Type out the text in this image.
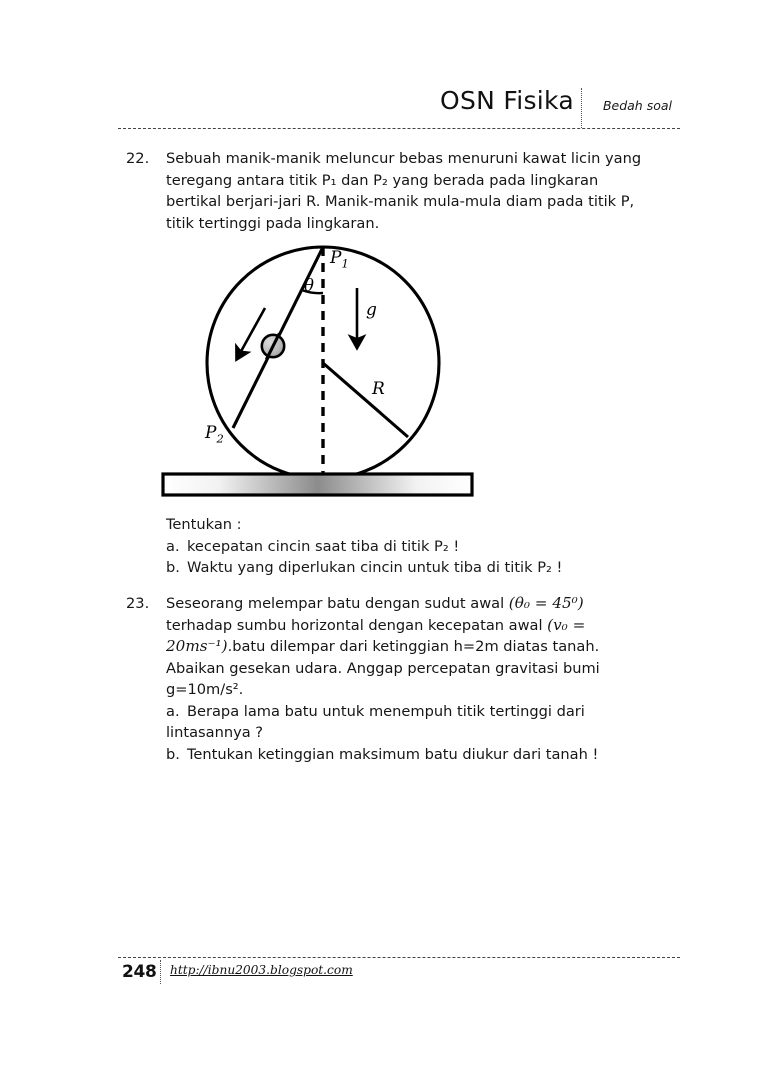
OSN Fisika Bedah soal
22.	Sebuah manik-manik meluncur bebas menuruni kawat licin yang

teregang antara titik P₁ dan P₂ yang berada pada lingkaran

bertikal berjari-jari R. Manik-manik mula-mula diam pada titik P,

titik tertinggi pada lingkaran.

$P_1$
$P_2$
θ
g
R

Tentukan :

a. kecepatan cincin saat tiba di titik P₂ !

b. Waktu yang diperlukan cincin untuk tiba di titik P₂ !

23.	Seseorang melempar batu dengan sudut awal (θ₀ = 45⁰)

terhadap sumbu horizontal dengan kecepatan awal (v₀ =

20ms⁻¹).batu dilempar dari ketinggian h=2m diatas tanah.

Abaikan gesekan udara. Anggap percepatan gravitasi bumi

g=10m/s².

a. Berapa lama batu untuk menempuh titik tertinggi dari lintasannya ?

b. Tentukan ketinggian maksimum batu diukur dari tanah !

248 http://ibnu2003.blogspot.com
